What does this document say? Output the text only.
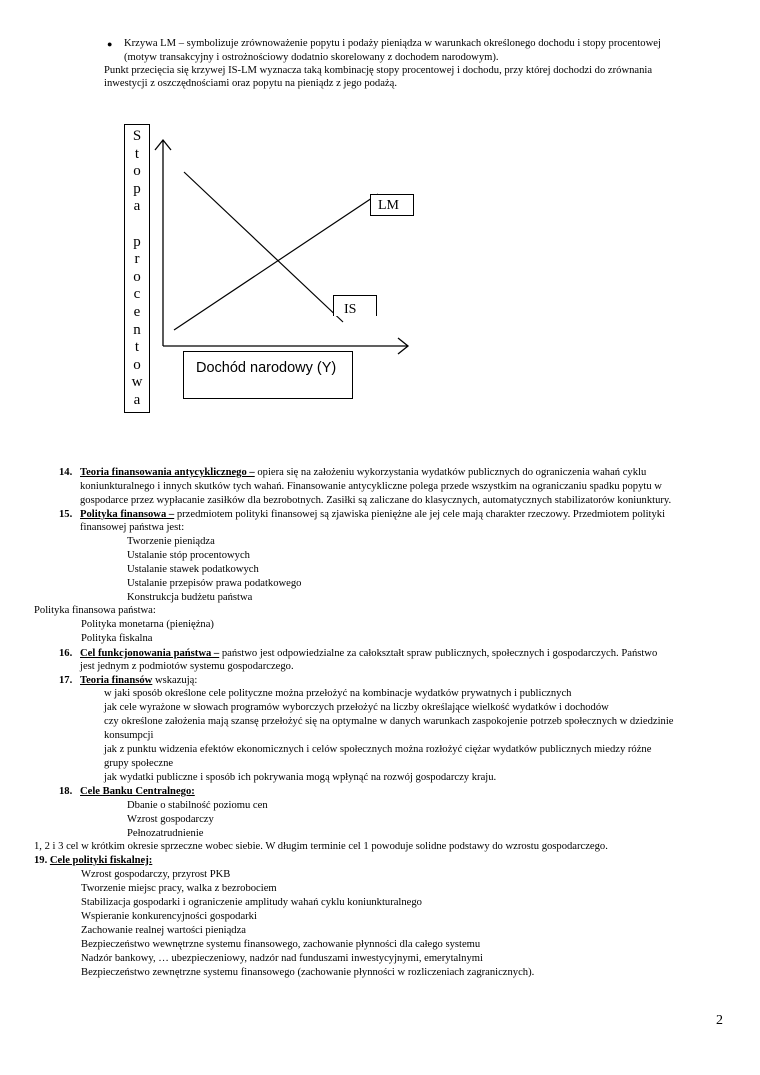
● Krzywa LM – symbolizuje zrównoważenie popytu i podaży pieniądza w warunkach określonego dochodu i stopy procentowej
(motyw transakcyjny i ostrożnościowy dodatnio skorelowany z dochodem narodowym).
Punkt przecięcia się krzywej IS-LM wyznacza taką kombinację stopy procentowej i dochodu, przy której dochodzi do zrównania
inwestycji z oszczędnościami oraz popytu na pieniądz z jego podażą.
S
t
o
p
a
p
r
o
c
e
n
t
o
w
a
LM
IS
Dochód narodowy (Y)
14. Teoria finansowania antycyklicznego – opiera się na założeniu wykorzystania wydatków publicznych do ograniczenia wahań cyklu
koniunkturalnego i innych skutków tych wahań. Finansowanie antycykliczne polega przede wszystkim na ograniczaniu spadku popytu w
gospodarce przez wypłacanie zasiłków dla bezrobotnych. Zasiłki są zaliczane do klasycznych, automatycznych stabilizatorów koniunktury.
15. Polityka finansowa – przedmiotem polityki finansowej są zjawiska pieniężne ale jej cele mają charakter rzeczowy. Przedmiotem polityki
finansowej państwa jest:
Tworzenie pieniądza
Ustalanie stóp procentowych
Ustalanie stawek podatkowych
Ustalanie przepisów prawa podatkowego
Konstrukcja budżetu państwa
Polityka finansowa państwa:
Polityka monetarna (pieniężna)
Polityka fiskalna
16. Cel funkcjonowania państwa – państwo jest odpowiedzialne za całokształt spraw publicznych, społecznych i gospodarczych. Państwo
jest jednym z podmiotów systemu gospodarczego.
17. Teoria finansów wskazują:
w jaki sposób określone cele polityczne można przełożyć na kombinacje wydatków prywatnych i publicznych
jak cele wyrażone w słowach programów wyborczych przełożyć na liczby określające wielkość wydatków i dochodów
czy określone założenia mają szansę przełożyć się na optymalne w danych warunkach zaspokojenie potrzeb społecznych w dziedzinie
konsumpcji
jak z punktu widzenia efektów ekonomicznych i celów społecznych można rozłożyć ciężar wydatków publicznych miedzy różne
grupy społeczne
jak wydatki publiczne i sposób ich pokrywania mogą wpłynąć na rozwój gospodarczy kraju.
18. Cele Banku Centralnego:
Dbanie o stabilność poziomu cen
Wzrost gospodarczy
Pełnozatrudnienie
1, 2 i 3 cel w krótkim okresie sprzeczne wobec siebie. W długim terminie cel 1 powoduje solidne podstawy do wzrostu gospodarczego.
19. Cele polityki fiskalnej:
Wzrost gospodarczy, przyrost PKB
Tworzenie miejsc pracy, walka z bezrobociem
Stabilizacja gospodarki i ograniczenie amplitudy wahań cyklu koniunkturalnego
Wspieranie konkurencyjności gospodarki
Zachowanie realnej wartości pieniądza
Bezpieczeństwo wewnętrzne systemu finansowego, zachowanie płynności dla całego systemu
Nadzór bankowy, … ubezpieczeniowy, nadzór nad funduszami inwestycyjnymi, emerytalnymi
Bezpieczeństwo zewnętrzne systemu finansowego (zachowanie płynności w rozliczeniach zagranicznych).
2
